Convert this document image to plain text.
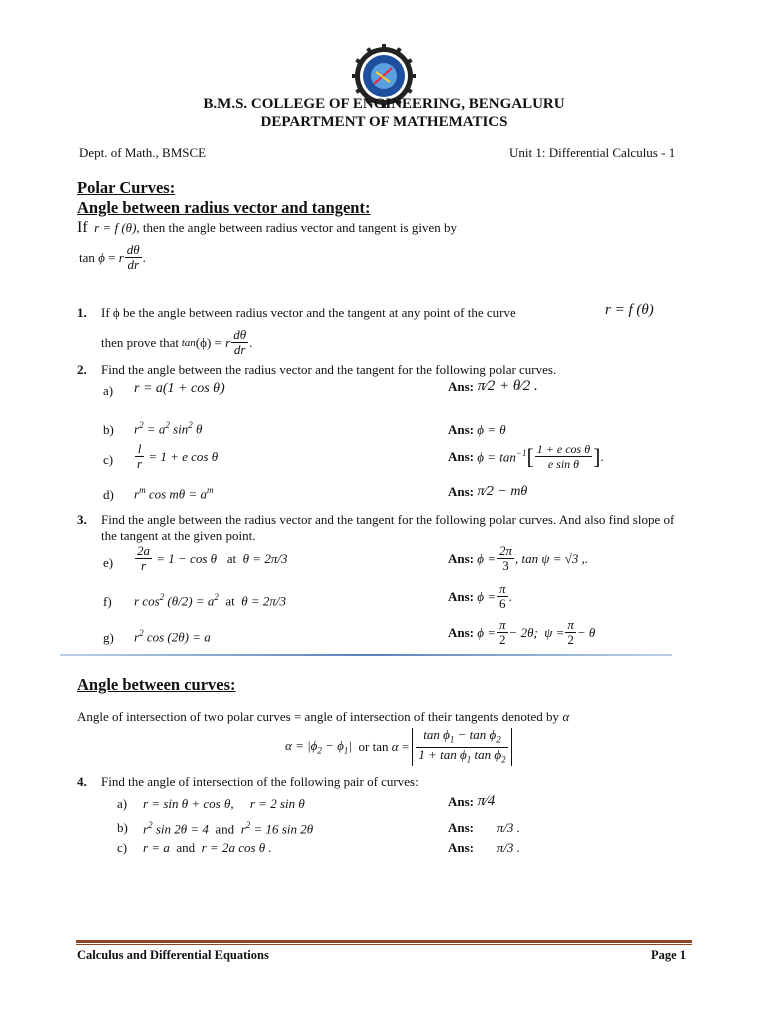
B.M.S. COLLEGE OF ENGINEERING, BENGALURU
DEPARTMENT OF MATHEMATICS
Dept. of Math., BMSCE	Unit 1: Differential Calculus - 1
Polar Curves:
Angle between radius vector and tangent:
If  r = f (θ), then the angle between radius vector and tangent is given by
tan ϕ = r $\frac{d\theta}{dr}$ .
1. If ϕ be the angle between radius vector and the tangent at any point of the curve	r = f (θ)
then prove that tan (ϕ) = r $\frac{d\theta}{dr}$ .
2. Find the angle between the radius vector and the tangent for the following polar curves.
a) r = a(1 + cos θ)	Ans: π⁄2 + θ⁄2 .
b) $r^2 = a^2$ $\sin^2 \theta$	Ans: ϕ = θ
$c) \frac{l}{r} = 1 + e$ cos θ	Ans: $\phi = \tan^{-1}$ [ $\frac{\text{1 + e cos θ}}{\text{e sin θ}}$ ] .
d) $r^m$ $\cos m\theta = a^m$	Ans: π⁄2 − mθ
3. Find the angle between the radius vector and the tangent for the following polar curves. And also find slope of the tangent at the given point.
$e) \frac{2a}{r} = 1 - \cos \theta$ at θ = 2π/3	Ans: $\phi = \frac{2\pi}{3}$ , tan ψ = √3 ,.
f) r $\cos^2 (\theta/2) = a^2$ at  θ = 2π/3	Ans: $\phi = \frac{\pi}{6}$ .
g) $r^2$ cos (2θ) = a	Ans: $\phi = \frac{\pi}{2} - 2\theta$;  $\psi = \frac{\pi}{2} - \theta$
Angle between curves:
Angle of intersection of two polar curves = angle of intersection of their tangents denoted by α
$\alpha = |\phi_2 - \phi_1|$ or $\tan \alpha = \frac{\tan \phi_1 - \tan \phi_2}{1 + \tan \phi_1 \tan \phi_2}$
4. Find the angle of intersection of the following pair of curves:
a) r = sin θ + cos θ,     r = 2 sin θ	Ans: π⁄4
b) $r^2$ sin 2θ = 4  and  $r^2 = 16$ sin 2θ	Ans: π/3 .
c) r = a  and  r = 2a cos θ .	Ans: π/3 .
Calculus and Differential Equations	Page 1
